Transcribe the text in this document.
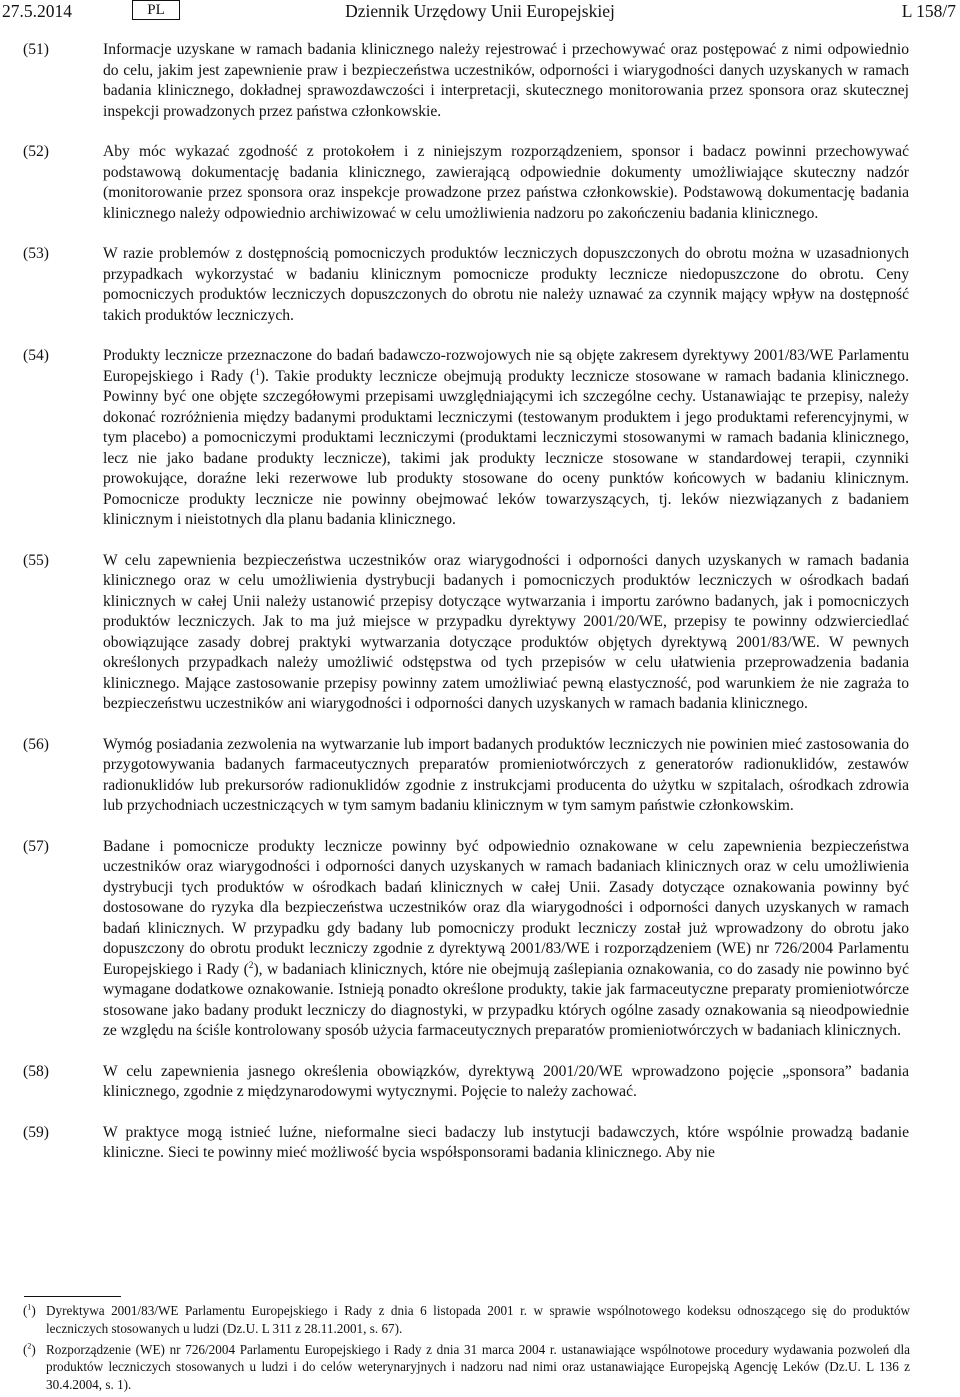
27.5.2014	PL	Dziennik Urzędowy Unii Europejskiej	L 158/7
(51)	Informacje uzyskane w ramach badania klinicznego należy rejestrować i przechowywać oraz postępować z nimi odpowiednio do celu, jakim jest zapewnienie praw i bezpieczeństwa uczestników, odporności i wiarygodności danych uzyskanych w ramach badania klinicznego, dokładnej sprawozdawczości i interpretacji, skutecznego monitorowania przez sponsora oraz skutecznej inspekcji prowadzonych przez państwa członkowskie.
(52)	Aby móc wykazać zgodność z protokołem i z niniejszym rozporządzeniem, sponsor i badacz powinni przechowywać podstawową dokumentację badania klinicznego, zawierającą odpowiednie dokumenty umożliwiające skuteczny nadzór (monitorowanie przez sponsora oraz inspekcje prowadzone przez państwa członkowskie). Podstawową dokumentację badania klinicznego należy odpowiednio archiwizować w celu umożliwienia nadzoru po zakończeniu badania klinicznego.
(53)	W razie problemów z dostępnością pomocniczych produktów leczniczych dopuszczonych do obrotu można w uzasadnionych przypadkach wykorzystać w badaniu klinicznym pomocnicze produkty lecznicze niedopuszczone do obrotu. Ceny pomocniczych produktów leczniczych dopuszczonych do obrotu nie należy uznawać za czynnik mający wpływ na dostępność takich produktów leczniczych.
(54)	Produkty lecznicze przeznaczone do badań badawczo-rozwojowych nie są objęte zakresem dyrektywy 2001/83/WE Parlamentu Europejskiego i Rady ($^1$). Takie produkty lecznicze obejmują produkty lecznicze stosowane w ramach badania klinicznego. Powinny być one objęte szczegółowymi przepisami uwzględniającymi ich szczególne cechy. Ustanawiając te przepisy, należy dokonać rozróżnienia między badanymi produktami leczniczymi (testowanym produktem i jego produktami referencyjnymi, w tym placebo) a pomocniczymi produktami leczniczymi (produktami leczniczymi stosowanymi w ramach badania klinicznego, lecz nie jako badane produkty lecznicze), takimi jak produkty lecznicze stosowane w standardowej terapii, czynniki prowokujące, doraźne leki rezerwowe lub produkty stosowane do oceny punktów końcowych w badaniu klinicznym. Pomocnicze produkty lecznicze nie powinny obejmować leków towarzyszących, tj. leków niezwiązanych z badaniem klinicznym i nieistotnych dla planu badania klinicznego.
(55)	W celu zapewnienia bezpieczeństwa uczestników oraz wiarygodności i odporności danych uzyskanych w ramach badania klinicznego oraz w celu umożliwienia dystrybucji badanych i pomocniczych produktów leczniczych w ośrodkach badań klinicznych w całej Unii należy ustanowić przepisy dotyczące wytwarzania i importu zarówno badanych, jak i pomocniczych produktów leczniczych. Jak to ma już miejsce w przypadku dyrektywy 2001/20/WE, przepisy te powinny odzwierciedlać obowiązujące zasady dobrej praktyki wytwarzania dotyczące produktów objętych dyrektywą 2001/83/WE. W pewnych określonych przypadkach należy umożliwić odstępstwa od tych przepisów w celu ułatwienia przeprowadzenia badania klinicznego. Mające zastosowanie przepisy powinny zatem umożliwiać pewną elastyczność, pod warunkiem że nie zagraża to bezpieczeństwu uczestników ani wiarygodności i odporności danych uzyskanych w ramach badania klinicznego.
(56)	Wymóg posiadania zezwolenia na wytwarzanie lub import badanych produktów leczniczych nie powinien mieć zastosowania do przygotowywania badanych farmaceutycznych preparatów promieniotwórczych z generatorów radionuklidów, zestawów radionuklidów lub prekursorów radionuklidów zgodnie z instrukcjami producenta do użytku w szpitalach, ośrodkach zdrowia lub przychodniach uczestniczących w tym samym badaniu klinicznym w tym samym państwie członkowskim.
(57)	Badane i pomocnicze produkty lecznicze powinny być odpowiednio oznakowane w celu zapewnienia bezpieczeństwa uczestników oraz wiarygodności i odporności danych uzyskanych w ramach badaniach klinicznych oraz w celu umożliwienia dystrybucji tych produktów w ośrodkach badań klinicznych w całej Unii. Zasady dotyczące oznakowania powinny być dostosowane do ryzyka dla bezpieczeństwa uczestników oraz dla wiarygodności i odporności danych uzyskanych w ramach badań klinicznych. W przypadku gdy badany lub pomocniczy produkt leczniczy został już wprowadzony do obrotu jako dopuszczony do obrotu produkt leczniczy zgodnie z dyrektywą 2001/83/WE i rozporządzeniem (WE) nr 726/2004 Parlamentu Europejskiego i Rady ($^2$), w badaniach klinicznych, które nie obejmują zaślepiania oznakowania, co do zasady nie powinno być wymagane dodatkowe oznakowanie. Istnieją ponadto określone produkty, takie jak farmaceutyczne preparaty promieniotwórcze stosowane jako badany produkt leczniczy do diagnostyki, w przypadku których ogólne zasady oznakowania są nieodpowiednie ze względu na ściśle kontrolowany sposób użycia farmaceutycznych preparatów promieniotwórczych w badaniach klinicznych.
(58)	W celu zapewnienia jasnego określenia obowiązków, dyrektywą 2001/20/WE wprowadzono pojęcie „sponsora” badania klinicznego, zgodnie z międzynarodowymi wytycznymi. Pojęcie to należy zachować.
(59)	W praktyce mogą istnieć luźne, nieformalne sieci badaczy lub instytucji badawczych, które wspólnie prowadzą badanie kliniczne. Sieci te powinny mieć możliwość bycia współsponsorami badania klinicznego. Aby nie
($^1$) Dyrektywa 2001/83/WE Parlamentu Europejskiego i Rady z dnia 6 listopada 2001 r. w sprawie wspólnotowego kodeksu odnoszącego się do produktów leczniczych stosowanych u ludzi (Dz.U. L 311 z 28.11.2001, s. 67).
($^2$) Rozporządzenie (WE) nr 726/2004 Parlamentu Europejskiego i Rady z dnia 31 marca 2004 r. ustanawiające wspólnotowe procedury wydawania pozwoleń dla produktów leczniczych stosowanych u ludzi i do celów weterynaryjnych i nadzoru nad nimi oraz ustanawiające Europejską Agencję Leków (Dz.U. L 136 z 30.4.2004, s. 1).
